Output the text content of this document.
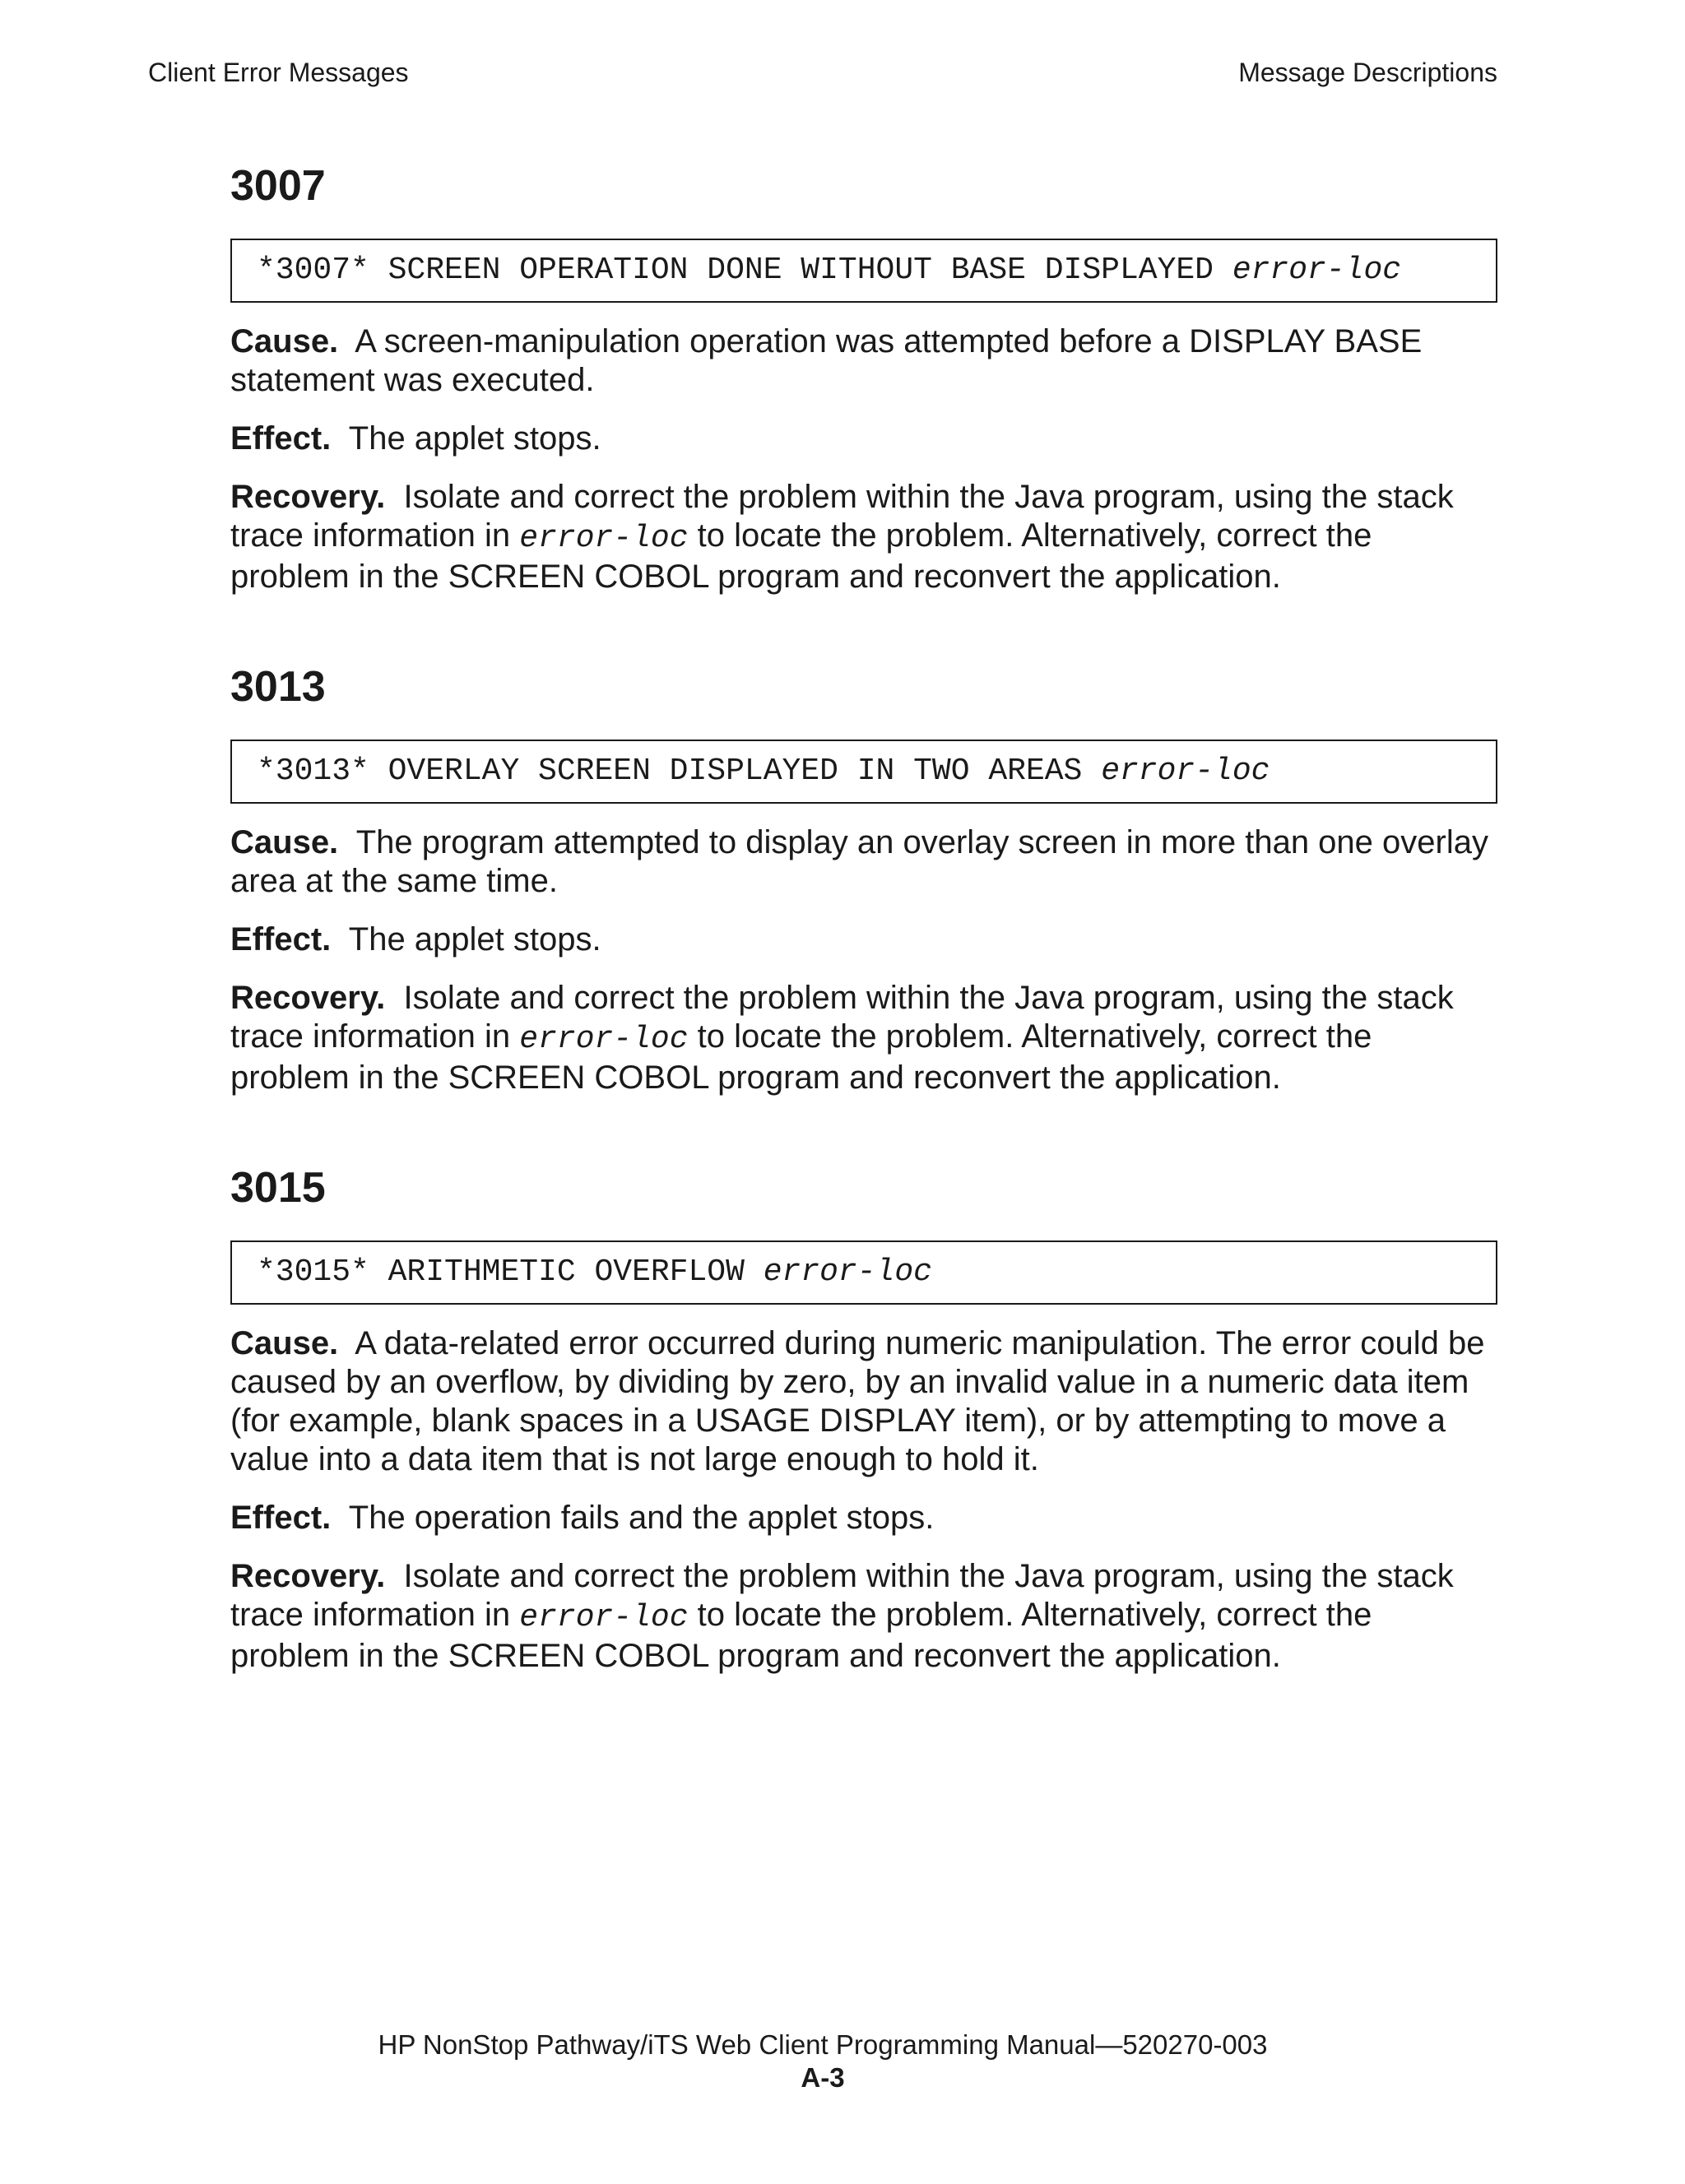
Client Error Messages	Message Descriptions
3007
*3007* SCREEN OPERATION DONE WITHOUT BASE DISPLAYED error-loc

Cause. A screen-manipulation operation was attempted before a DISPLAY BASE statement was executed.

Effect. The applet stops.

Recovery. Isolate and correct the problem within the Java program, using the stack trace information in error-loc to locate the problem. Alternatively, correct the problem in the SCREEN COBOL program and reconvert the application.

3013
*3013* OVERLAY SCREEN DISPLAYED IN TWO AREAS error-loc

Cause. The program attempted to display an overlay screen in more than one overlay area at the same time.

Effect. The applet stops.

Recovery. Isolate and correct the problem within the Java program, using the stack trace information in error-loc to locate the problem. Alternatively, correct the problem in the SCREEN COBOL program and reconvert the application.

3015
*3015* ARITHMETIC OVERFLOW error-loc

Cause. A data-related error occurred during numeric manipulation. The error could be caused by an overflow, by dividing by zero, by an invalid value in a numeric data item (for example, blank spaces in a USAGE DISPLAY item), or by attempting to move a value into a data item that is not large enough to hold it.

Effect. The operation fails and the applet stops.

Recovery. Isolate and correct the problem within the Java program, using the stack trace information in error-loc to locate the problem. Alternatively, correct the problem in the SCREEN COBOL program and reconvert the application.

HP NonStop Pathway/iTS Web Client Programming Manual—520270-003
A-3
